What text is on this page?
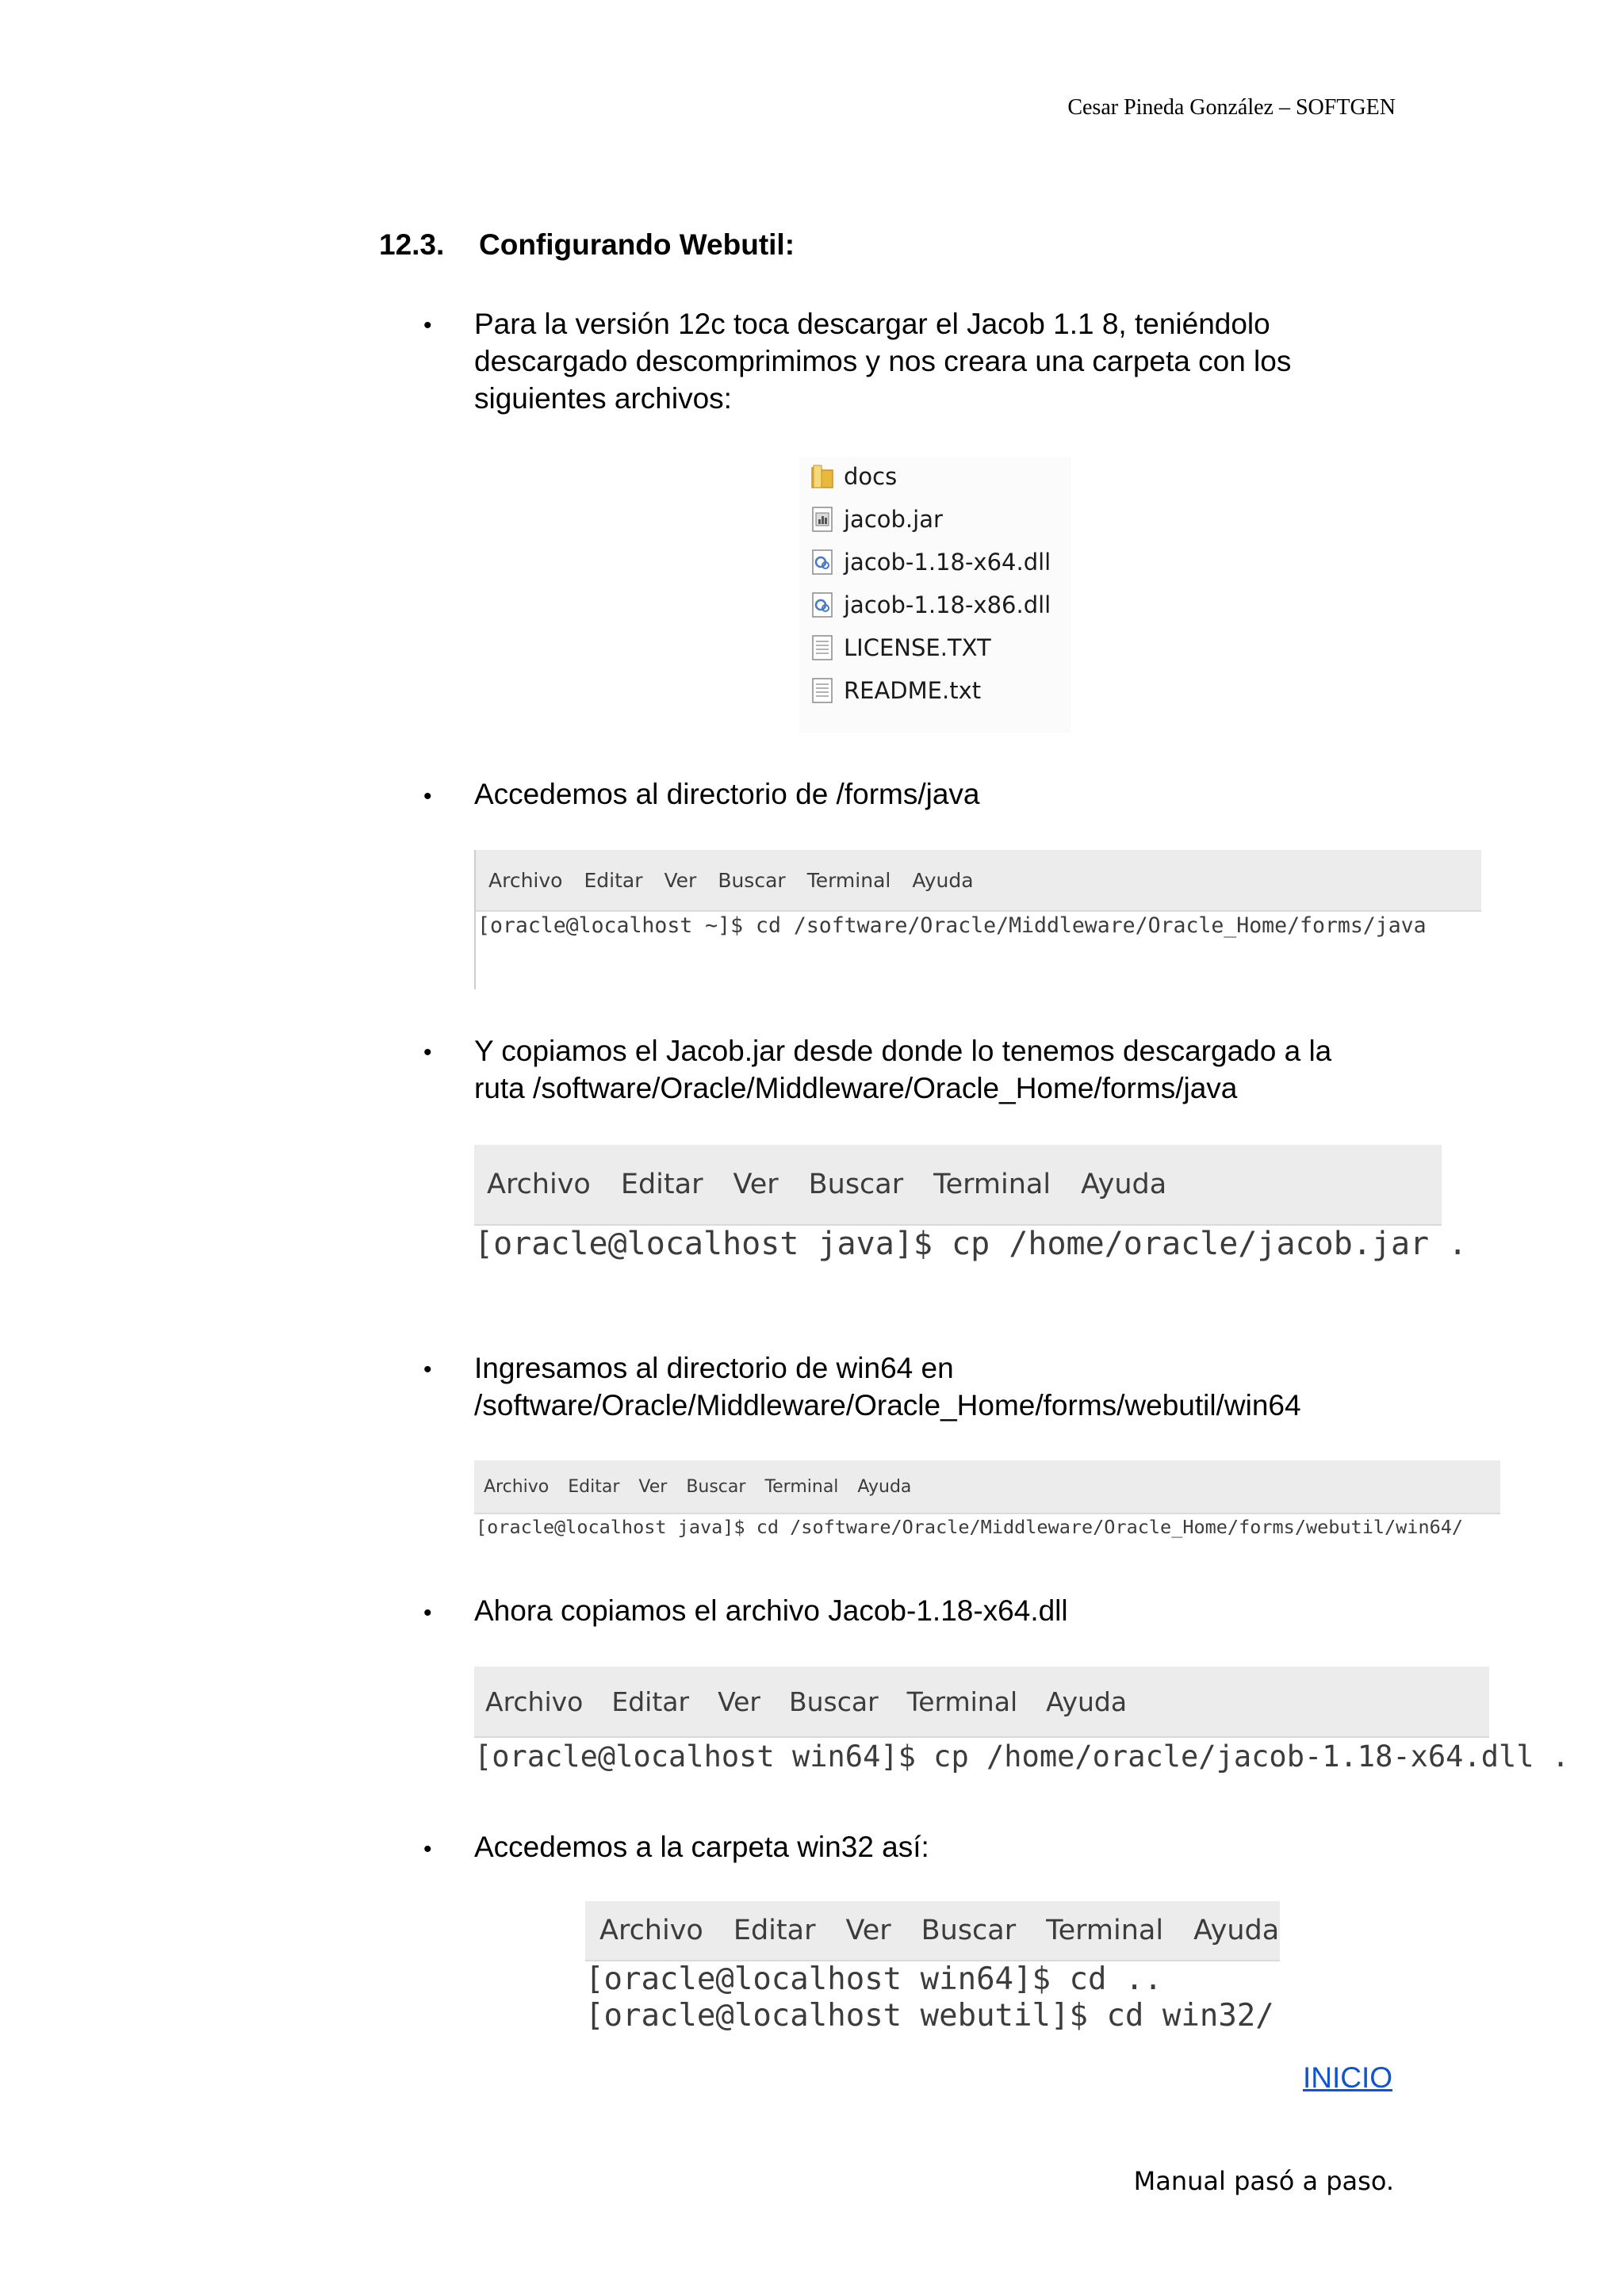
Cesar Pineda González – SOFTGEN
12.3. Configurando Webutil:
• Para la versión 12c toca descargar el Jacob 1.1 8, teniéndolo
descargado descomprimimos y nos creara una carpeta con los
siguientes archivos:
docs
jacob.jar
jacob-1.18-x64.dll
jacob-1.18-x86.dll
LICENSE.TXT
README.txt
• Accedemos al directorio de /forms/java
Archivo Editar Ver Buscar Terminal Ayuda
[oracle@localhost ~]$ cd /software/Oracle/Middleware/Oracle_Home/forms/java
• Y copiamos el Jacob.jar desde donde lo tenemos descargado a la
ruta /software/Oracle/Middleware/Oracle_Home/forms/java
Archivo Editar Ver Buscar Terminal Ayuda
[oracle@localhost java]$ cp /home/oracle/jacob.jar .
• Ingresamos al directorio de win64 en
/software/Oracle/Middleware/Oracle_Home/forms/webutil/win64
Archivo Editar Ver Buscar Terminal Ayuda
[oracle@localhost java]$ cd /software/Oracle/Middleware/Oracle_Home/forms/webutil/win64/
• Ahora copiamos el archivo Jacob-1.18-x64.dll
Archivo Editar Ver Buscar Terminal Ayuda
[oracle@localhost win64]$ cp /home/oracle/jacob-1.18-x64.dll .
• Accedemos a la carpeta win32 así:
Archivo Editar Ver Buscar Terminal Ayuda
[oracle@localhost win64]$ cd ..
[oracle@localhost webutil]$ cd win32/
INICIO
Manual pasó a paso.
